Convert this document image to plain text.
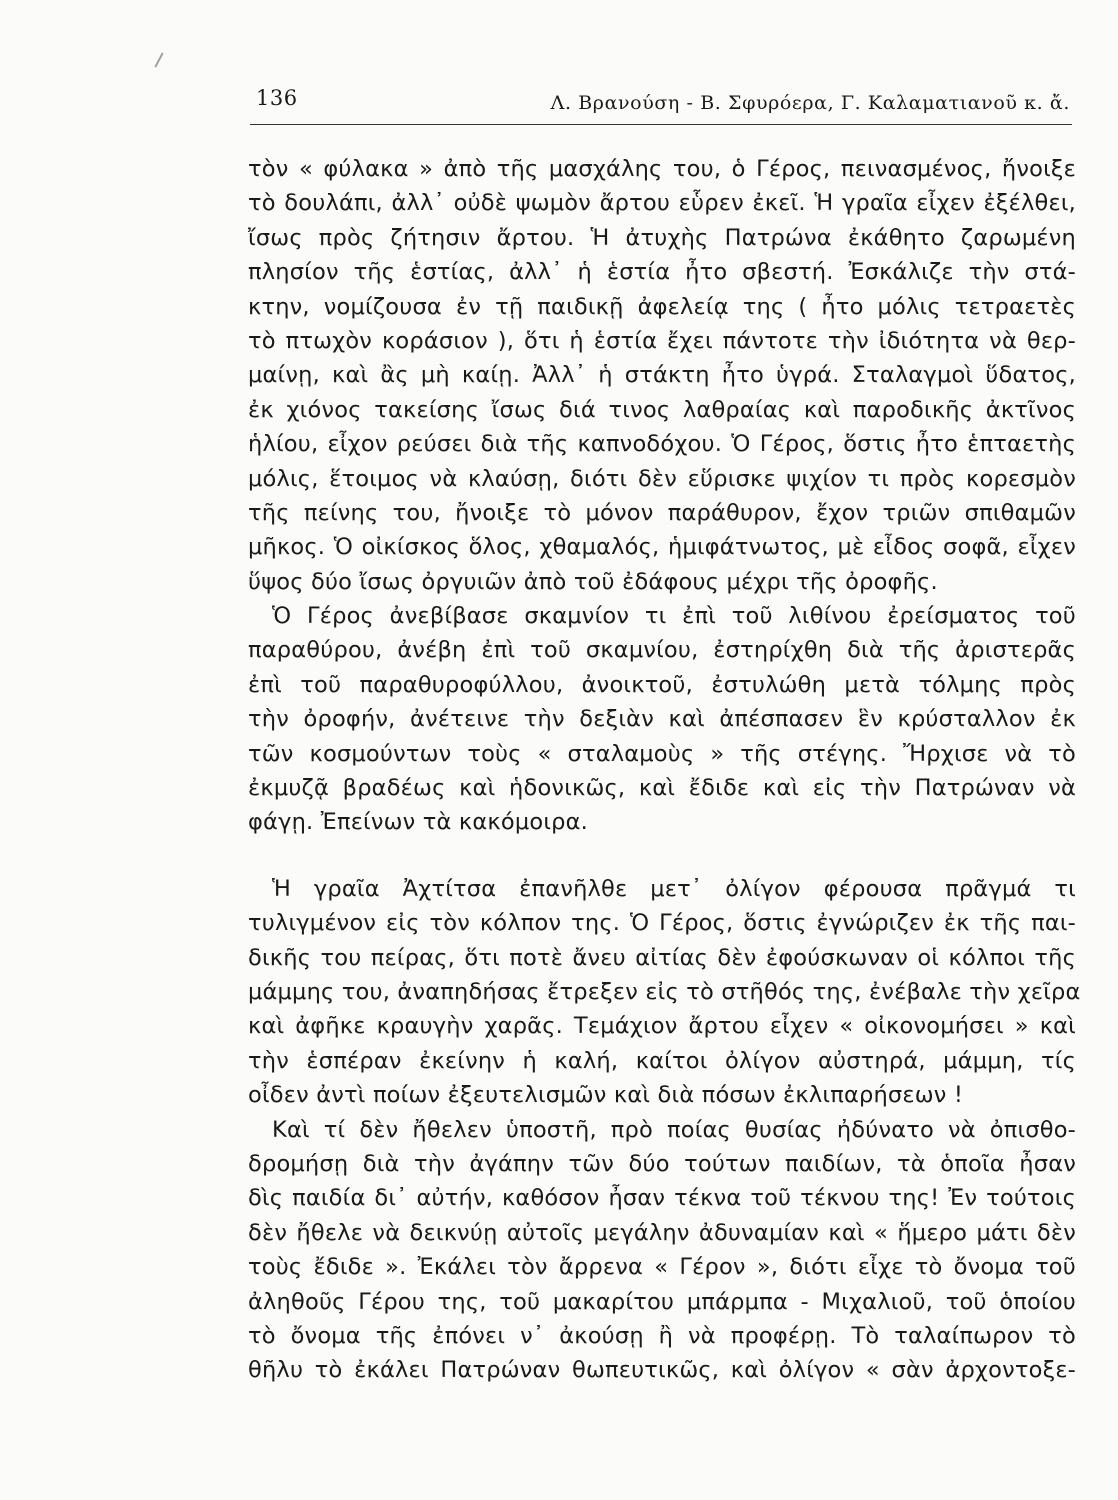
136	Λ. Βρανούση - Β. Σφυρόερα, Γ. Καλαματιανοῦ κ. ἄ.
τὸν « φύλακα » ἀπὸ τῆς μασχάλης του, ὁ Γέρος, πεινασμένος, ἤνοιξε
τὸ δουλάπι, ἀλλ᾽ οὐδὲ ψωμὸν ἄρτου εὗρεν ἐκεῖ. Ἡ γραῖα εἶχεν ἐξέλθει,
ἴσως πρὸς ζήτησιν ἄρτου. Ἡ ἀτυχὴς Πατρώνα ἐκάθητο ζαρωμένη
πλησίον τῆς ἑστίας, ἀλλ᾽ ἡ ἑστία ἦτο σβεστή. Ἐσκάλιζε τὴν στά-
κτην, νομίζουσα ἐν τῇ παιδικῇ ἀφελείᾳ της ( ἦτο μόλις τετραετὲς
τὸ πτωχὸν κοράσιον ), ὅτι ἡ ἑστία ἔχει πάντοτε τὴν ἰδιότητα νὰ θερ-
μαίνῃ, καὶ ἂς μὴ καίῃ. Ἀλλ᾽ ἡ στάκτη ἦτο ὑγρά. Σταλαγμοὶ ὕδατος,
ἐκ χιόνος τακείσης ἴσως διά τινος λαθραίας καὶ παροδικῆς ἀκτῖνος
ἡλίου, εἶχον ρεύσει διὰ τῆς καπνοδόχου. Ὁ Γέρος, ὅστις ἦτο ἑπταετὴς
μόλις, ἕτοιμος νὰ κλαύσῃ, διότι δὲν εὕρισκε ψιχίον τι πρὸς κορεσμὸν
τῆς πείνης του, ἤνοιξε τὸ μόνον παράθυρον, ἔχον τριῶν σπιθαμῶν
μῆκος. Ὁ οἰκίσκος ὅλος, χθαμαλός, ἡμιφάτνωτος, μὲ εἶδος σοφᾶ, εἶχεν
ὕψος δύο ἴσως ὀργυιῶν ἀπὸ τοῦ ἐδάφους μέχρι τῆς ὀροφῆς.
Ὁ Γέρος ἀνεβίβασε σκαμνίον τι ἐπὶ τοῦ λιθίνου ἐρείσματος τοῦ
παραθύρου, ἀνέβη ἐπὶ τοῦ σκαμνίου, ἐστηρίχθη διὰ τῆς ἀριστερᾶς
ἐπὶ τοῦ παραθυροφύλλου, ἀνοικτοῦ, ἐστυλώθη μετὰ τόλμης πρὸς
τὴν ὀροφήν, ἀνέτεινε τὴν δεξιὰν καὶ ἀπέσπασεν ἓν κρύσταλλον ἐκ
τῶν κοσμούντων τοὺς « σταλαμοὺς » τῆς στέγης. Ἤρχισε νὰ τὸ
ἐκμυζᾷ βραδέως καὶ ἡδονικῶς, καὶ ἔδιδε καὶ εἰς τὴν Πατρώναν νὰ
φάγῃ. Ἐπείνων τὰ κακόμοιρα.
Ἡ γραῖα Ἀχτίτσα ἐπανῆλθε μετ᾽ ὀλίγον φέρουσα πρᾶγμά τι
τυλιγμένον εἰς τὸν κόλπον της. Ὁ Γέρος, ὅστις ἐγνώριζεν ἐκ τῆς παι-
δικῆς του πείρας, ὅτι ποτὲ ἄνευ αἰτίας δὲν ἐφούσκωναν οἱ κόλποι τῆς
μάμμης του, ἀναπηδήσας ἔτρεξεν εἰς τὸ στῆθός της, ἐνέβαλε τὴν χεῖρα
καὶ ἀφῆκε κραυγὴν χαρᾶς. Τεμάχιον ἄρτου εἶχεν « οἰκονομήσει » καὶ
τὴν ἑσπέραν ἐκείνην ἡ καλή, καίτοι ὀλίγον αὐστηρά, μάμμη, τίς
οἶδεν ἀντὶ ποίων ἐξευτελισμῶν καὶ διὰ πόσων ἐκλιπαρήσεων !
Καὶ τί δὲν ἤθελεν ὑποστῆ, πρὸ ποίας θυσίας ἠδύνατο νὰ ὀπισθο-
δρομήσῃ διὰ τὴν ἀγάπην τῶν δύο τούτων παιδίων, τὰ ὁποῖα ἦσαν
δὶς παιδία δι᾽ αὐτήν, καθόσον ἦσαν τέκνα τοῦ τέκνου της! Ἐν τούτοις
δὲν ἤθελε νὰ δεικνύῃ αὐτοῖς μεγάλην ἀδυναμίαν καὶ « ἥμερο μάτι δὲν
τοὺς ἔδιδε ». Ἐκάλει τὸν ἄρρενα « Γέρον », διότι εἶχε τὸ ὄνομα τοῦ
ἀληθοῦς Γέρου της, τοῦ μακαρίτου μπάρμπα - Μιχαλιοῦ, τοῦ ὁποίου
τὸ ὄνομα τῆς ἐπόνει ν᾽ ἀκούσῃ ἢ νὰ προφέρῃ. Τὸ ταλαίπωρον τὸ
θῆλυ τὸ ἐκάλει Πατρώναν θωπευτικῶς, καὶ ὀλίγον « σὰν ἀρχοντοξε-
